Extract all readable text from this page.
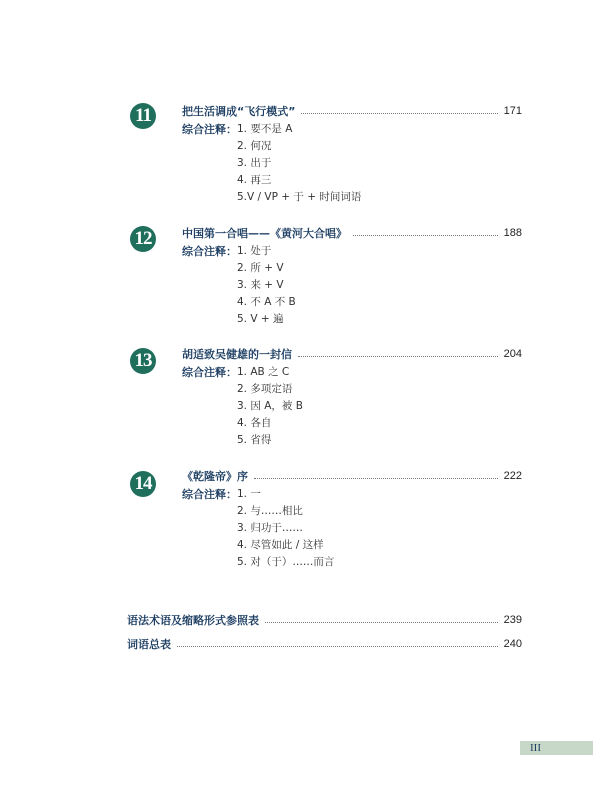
11	把生活调成“飞行模式”	171
综合注释： 1. 要不是 A
2. 何况
3. 出于
4. 再三
5.V / VP + 于 + 时间词语
12	中国第一合唱——《黄河大合唱》	188
综合注释： 1. 处于
2. 所 + V
3. 来 + V
4. 不 A 不 B
5. V + 遍
13	胡适致吴健雄的一封信	204
综合注释： 1. AB 之 C
2. 多项定语
3. 因 A，被 B
4. 各自
5. 省得
14	《乾隆帝》序	222
综合注释： 1. 一
2. 与……相比
3. 归功于……
4. 尽管如此 / 这样
5. 对（于）……而言
语法术语及缩略形式参照表	239
词语总表	240
III
